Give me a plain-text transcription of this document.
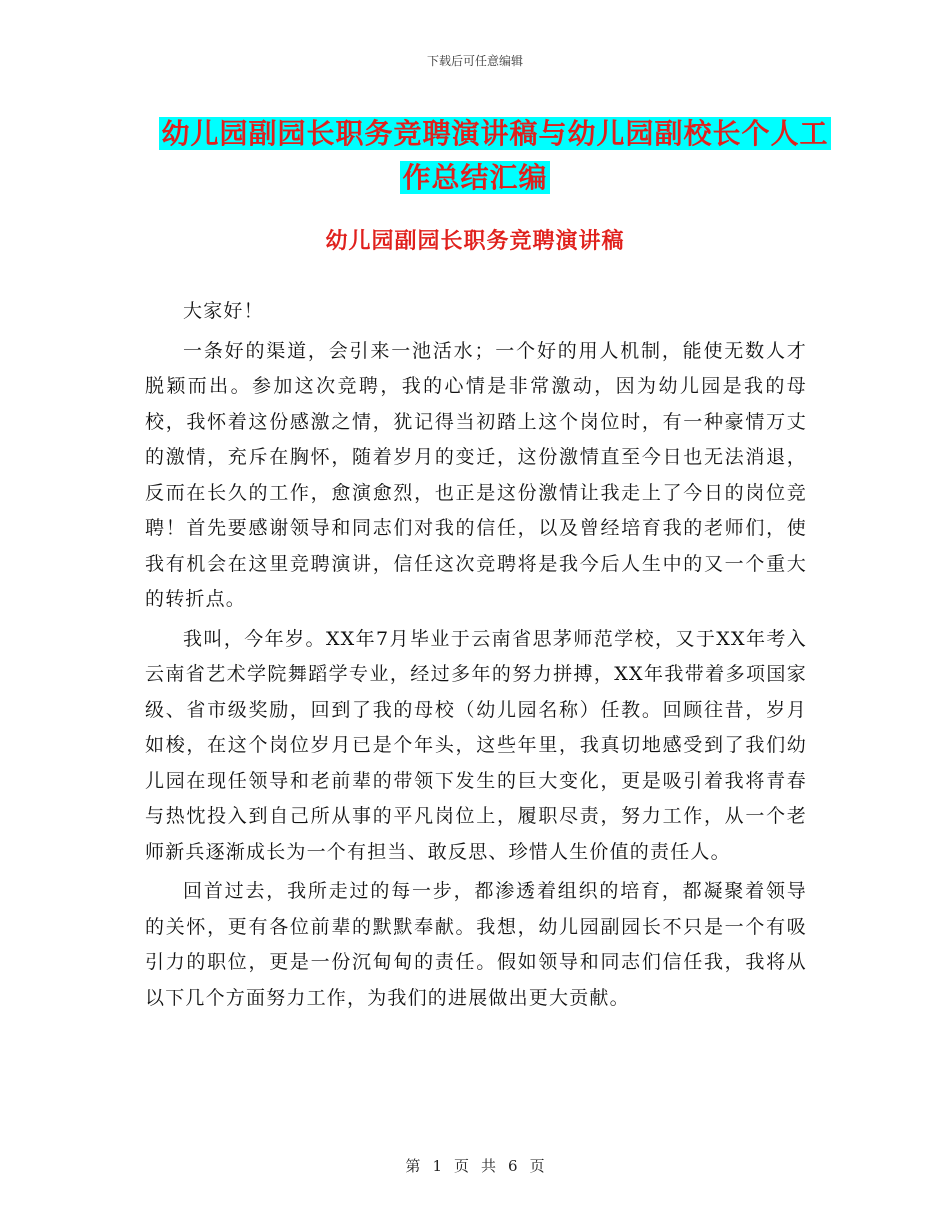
下载后可任意编辑
幼儿园副园长职务竞聘演讲稿与幼儿园副校长个人工
作总结汇编
幼儿园副园长职务竞聘演讲稿

大家好！

一条好的渠道，会引来一池活水；一个好的用人机制，能使无数人才脱颖而出。参加这次竞聘，我的心情是非常激动，因为幼儿园是我的母校，我怀着这份感激之情，犹记得当初踏上这个岗位时，有一种豪情万丈的激情，充斥在胸怀，随着岁月的变迁，这份激情直至今日也无法消退，反而在长久的工作，愈演愈烈，也正是这份激情让我走上了今日的岗位竞聘！首先要感谢领导和同志们对我的信任，以及曾经培育我的老师们，使我有机会在这里竞聘演讲，信任这次竞聘将是我今后人生中的又一个重大的转折点。

我叫，今年岁。XX年7月毕业于云南省思茅师范学校，又于XX年考入云南省艺术学院舞蹈学专业，经过多年的努力拼搏，XX年我带着多项国家级、省市级奖励，回到了我的母校（幼儿园名称）任教。回顾往昔，岁月如梭，在这个岗位岁月已是个年头，这些年里，我真切地感受到了我们幼儿园在现任领导和老前辈的带领下发生的巨大变化，更是吸引着我将青春与热忱投入到自己所从事的平凡岗位上，履职尽责，努力工作，从一个老师新兵逐渐成长为一个有担当、敢反思、珍惜人生价值的责任人。

回首过去，我所走过的每一步，都渗透着组织的培育，都凝聚着领导的关怀，更有各位前辈的默默奉献。我想，幼儿园副园长不只是一个有吸引力的职位，更是一份沉甸甸的责任。假如领导和同志们信任我，我将从以下几个方面努力工作，为我们的进展做出更大贡献。

第 1 页 共 6 页
